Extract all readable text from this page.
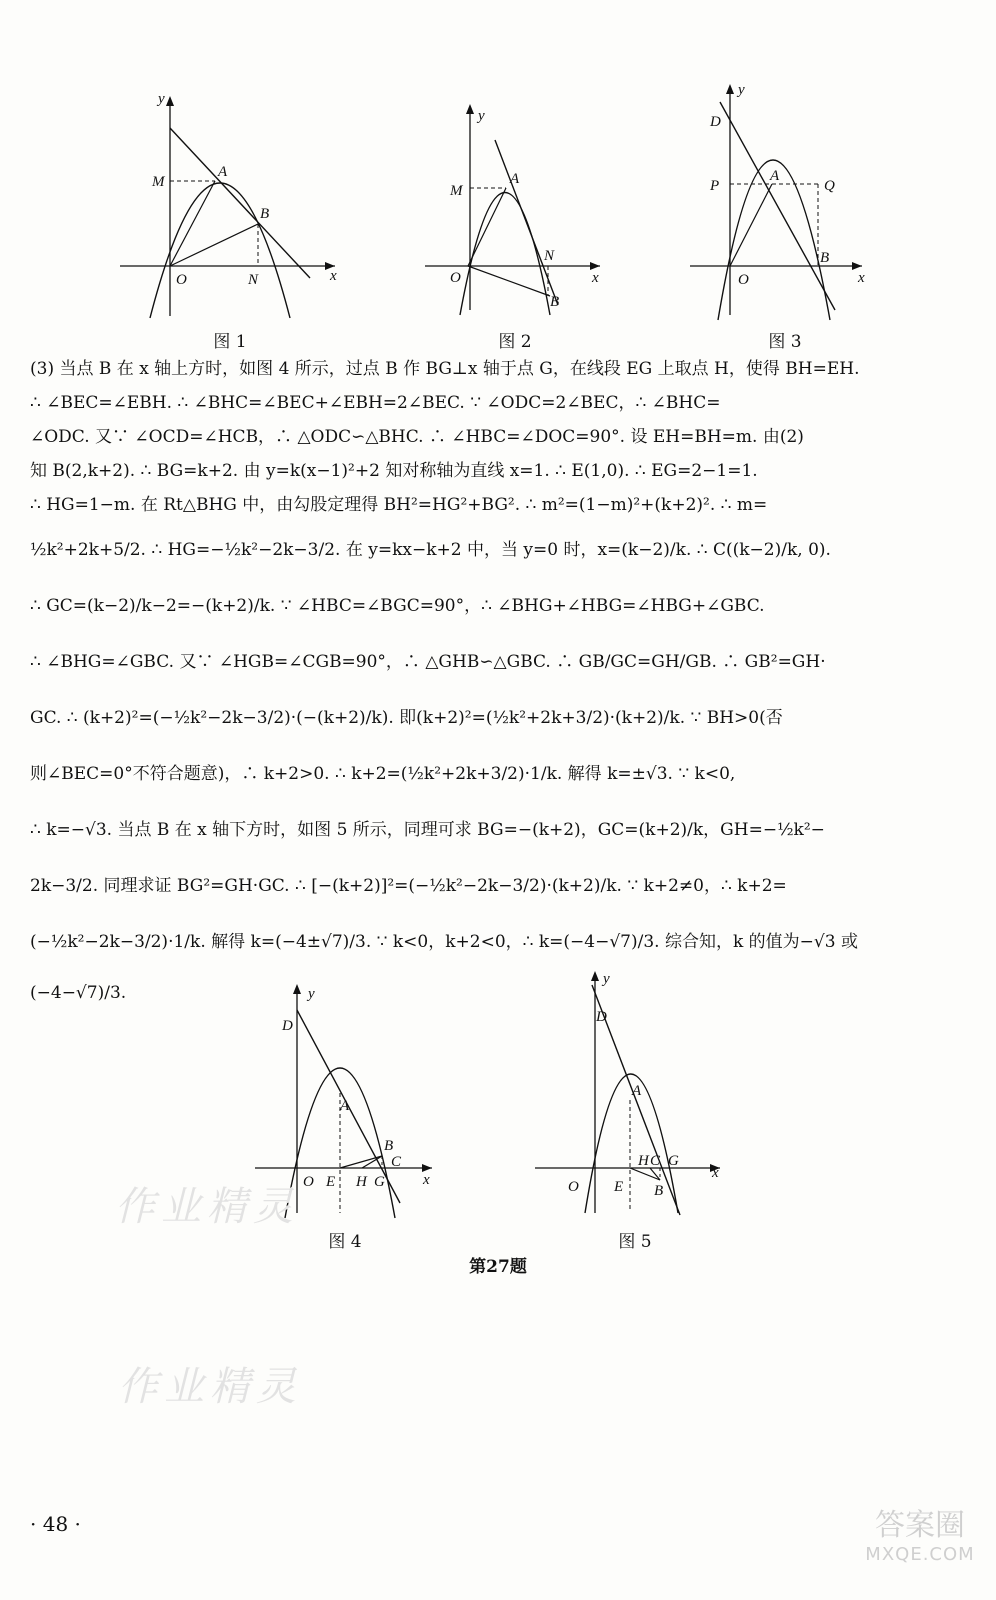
y
x
O
M
A
B
N
图 1
y
x
O
M
A
B
N
图 2
y
x
O
D
P
A
Q
B
图 3

(3) 当点 B 在 x 轴上方时，如图 4 所示，过点 B 作 BG⊥x 轴于点 G，在线段 EG 上取点 H，使得 BH=EH.

∴ ∠BEC=∠EBH. ∴ ∠BHC=∠BEC+∠EBH=2∠BEC. ∵ ∠ODC=2∠BEC，∴ ∠BHC=

∠ODC. 又∵ ∠OCD=∠HCB，∴ △ODC∽△BHC. ∴ ∠HBC=∠DOC=90°. 设 EH=BH=m. 由(2)

知 B(2,k+2). ∴ BG=k+2. 由 y=k(x−1)²+2 知对称轴为直线 x=1. ∴ E(1,0). ∴ EG=2−1=1.

∴ HG=1−m. 在 Rt△BHG 中，由勾股定理得 BH²=HG²+BG². ∴ m²=(1−m)²+(k+2)². ∴ m=

½k²+2k+5/2. ∴ HG=−½k²−2k−3/2. 在 y=kx−k+2 中，当 y=0 时，x=(k−2)/k. ∴ C((k−2)/k, 0).

∴ GC=(k−2)/k−2=−(k+2)/k. ∵ ∠HBC=∠BGC=90°，∴ ∠BHG+∠HBG=∠HBG+∠GBC.

∴ ∠BHG=∠GBC. 又∵ ∠HGB=∠CGB=90°，∴ △GHB∽△GBC. ∴ GB/GC=GH/GB. ∴ GB²=GH·

GC. ∴ (k+2)²=(−½k²−2k−3/2)·(−(k+2)/k). 即(k+2)²=(½k²+2k+3/2)·(k+2)/k. ∵ BH>0(否

则∠BEC=0°不符合题意)，∴ k+2>0. ∴ k+2=(½k²+2k+3/2)·1/k. 解得 k=±√3. ∵ k<0,

∴ k=−√3. 当点 B 在 x 轴下方时，如图 5 所示，同理可求 BG=−(k+2)，GC=(k+2)/k，GH=−½k²−

2k−3/2. 同理求证 BG²=GH·GC. ∴ [−(k+2)]²=(−½k²−2k−3/2)·(k+2)/k. ∵ k+2≠0，∴ k+2=

(−½k²−2k−3/2)·1/k. 解得 k=(−4±√7)/3. ∵ k<0，k+2<0，∴ k=(−4−√7)/3. 综合知，k 的值为−√3 或

(−4−√7)/3.	y
x
D
A
B
C
O E H G
图 4
y
x
D
A
O E
H C G
B
图 5
第27题
作业精灵
作业精灵
· 48 ·	答案圈
MXQE.COM
